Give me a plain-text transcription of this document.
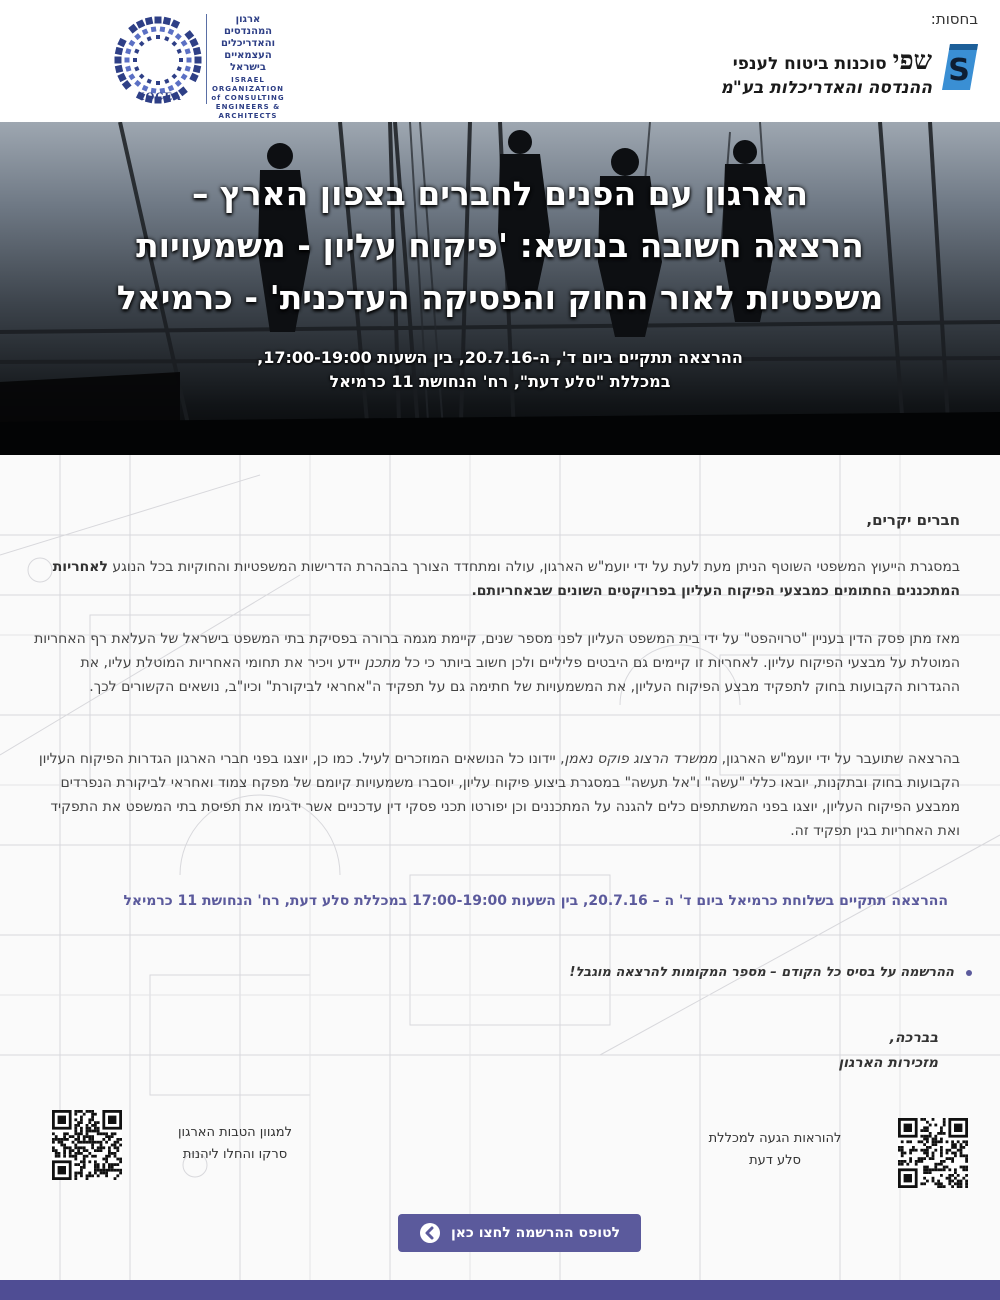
בחסות:
S
שפי סוכנות ביטוח לענפי
ההנדסה והאדריכלות בע"מ
IOCEA
ארגון המהנדסים
והאדריכלים
העצמאיים
בישראל
ISRAEL
ORGANIZATION
of CONSULTING
ENGINEERS & ARCHITECTS
הארגון עם הפנים לחברים בצפון הארץ –
הרצאה חשובה בנושא: 'פיקוח עליון - משמעויות
משפטיות לאור החוק והפסיקה העדכנית' - כרמיאל
ההרצאה תתקיים ביום ד', ה-20.7.16, בין השעות 17:00-19:00,
במכללת "סלע דעת", רח' הנחושת 11 כרמיאל
חברים יקרים,
במסגרת הייעוץ המשפטי השוטף הניתן מעת לעת על ידי יועמ"ש הארגון, עולה ומתחדד הצורך בהבהרת הדרישות המשפטיות והחוקיות בכל הנוגע לאחריות המתכננים החתומים כמבצעי הפיקוח העליון בפרויקטים השונים שבאחריותם.
מאז מתן פסק הדין בעניין "טרויהפט" על ידי בית המשפט העליון לפני מספר שנים, קיימת מגמה ברורה בפסיקת בתי המשפט בישראל של העלאת רף האחריות המוטלת על מבצעי הפיקוח עליון. לאחריות זו קיימים גם היבטים פליליים ולכן חשוב ביותר כי כל מתכנן יידע ויכיר את תחומי האחריות המוטלת עליו, את ההגדרות הקבועות בחוק לתפקיד מבצע הפיקוח העליון, את המשמעויות של חתימה גם על תפקיד ה"אחראי לביקורת" וכיו"ב, נושאים הקשורים לכך.
בהרצאה שתועבר על ידי יועמ"ש הארגון, ממשרד הרצוג פוקס נאמן, יידונו כל הנושאים המוזכרים לעיל. כמו כן, יוצגו בפני חברי הארגון הגדרות הפיקוח העליון הקבועות בחוק ובתקנות, יובאו כללי "עשה" ו"אל תעשה" במסגרת ביצוע פיקוח עליון, יוסברו משמעויות קיומם של מפקח צמוד ואחראי לביקורת הנפרדים ממבצע הפיקוח העליון, יוצגו בפני המשתתפים כלים להגנה על המתכננים וכן יפורטו תכני פסקי דין עדכניים אשר ידגימו את תפיסת בתי המשפט את התפקיד ואת האחריות בגין תפקיד זה.
ההרצאה תתקיים בשלוחת כרמיאל ביום ד' ה – 20.7.16, בין השעות 17:00-19:00 במכללת סלע דעת, רח' הנחושת 11 כרמיאל
ההרשמה על בסיס כל הקודם – מספר המקומות להרצאה מוגבל!
בברכה,
מזכירות הארגון
להוראות הגעה למכללת
סלע דעת
למגוון הטבות הארגון
סרקו והחלו ליהנות
לטופס ההרשמה לחצו כאן
